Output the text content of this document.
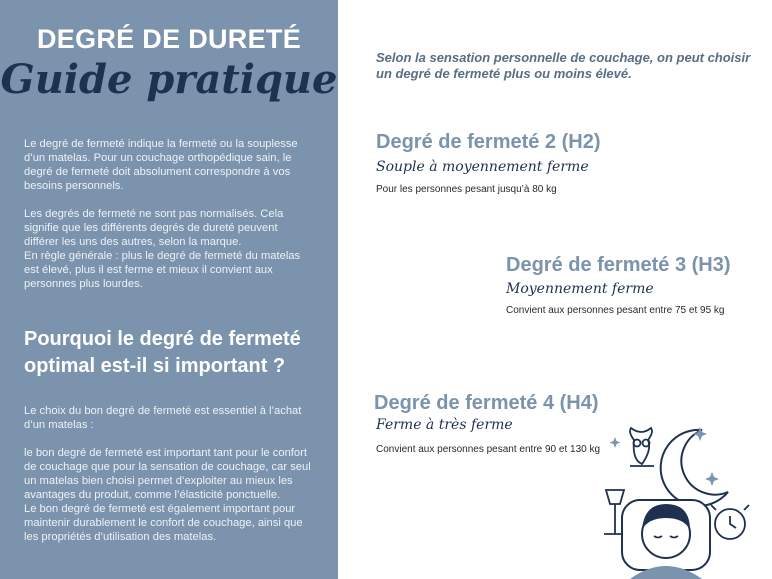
DEGRÉ DE DURETÉ
Guide pratique

Le degré de fermeté indique la fermeté ou la souplesse d’un matelas. Pour un couchage orthopédique sain, le degré de fermeté doit absolument correspondre à vos besoins personnels.

Les degrés de fermeté ne sont pas normalisés. Cela signifie que les différents degrés de dureté peuvent différer les uns des autres, selon la marque.

En règle générale : plus le degré de fermeté du matelas est élevé, plus il est ferme et mieux il convient aux personnes plus lourdes.

Pourquoi le degré de fermeté optimal est-il si important ?

Le choix du bon degré de fermeté est essentiel à l’achat d’un matelas :

le bon degré de fermeté est important tant pour le confort de couchage que pour la sensation de couchage, car seul un matelas bien choisi permet d’exploiter au mieux les avantages du produit, comme l’élasticité ponctuelle.

Le bon degré de fermeté est également important pour maintenir durablement le confort de couchage, ainsi que les propriétés d’utilisation des matelas.

Selon la sensation personnelle de couchage, on peut choisir un degré de fermeté plus ou moins élevé.

Degré de fermeté 2 (H2)
Souple à moyennement ferme
Pour les personnes pesant jusqu’à 80 kg
Degré de fermeté 3 (H3)
Moyennement ferme
Convient aux personnes pesant entre 75 et 95 kg
Degré de fermeté 4 (H4)
Ferme à très ferme
Convient aux personnes pesant entre 90 et 130 kg
